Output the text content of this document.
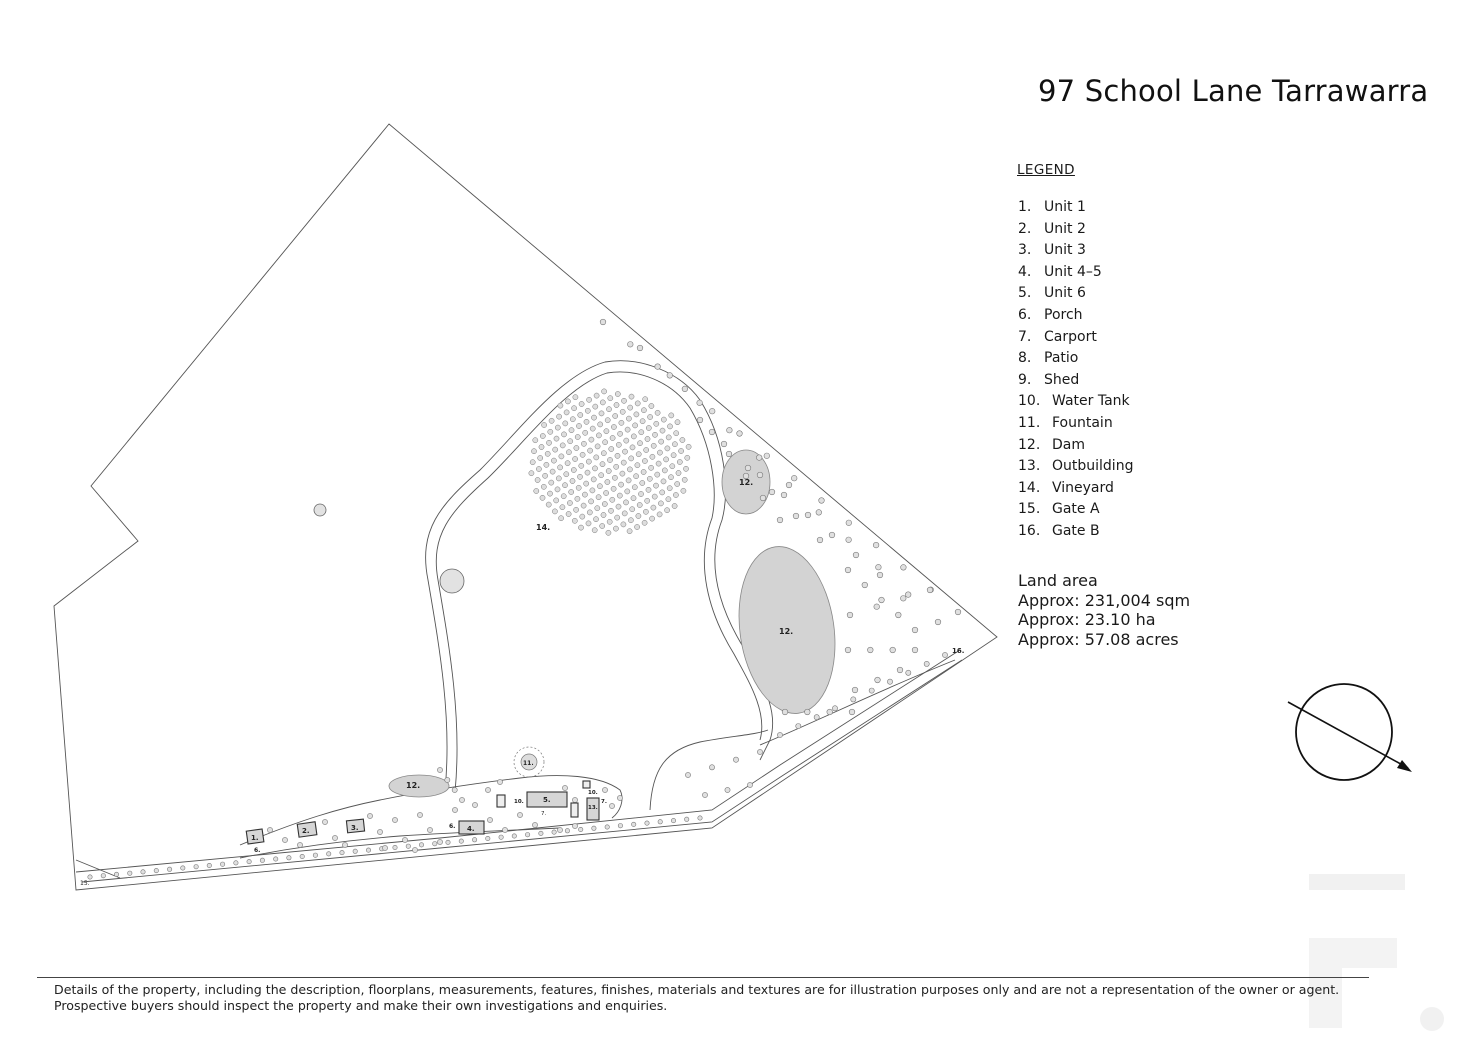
97 School Lane Tarrawarra
LEGEND
1. Unit 1
2. Unit 2
3. Unit 3
4. Unit 4–5
5. Unit 6
6. Porch
7. Carport
8. Patio
9. Shed
10. Water Tank
11. Fountain
12. Dam
13. Outbuilding
14. Vineyard
15. Gate A
16. Gate B
Land area
Approx: 231,004 sqm
Approx: 23.10 ha
Approx: 57.08 acres
12.
12.
12.
14.
11.
15.
16.
1.
2.	3.	4.
5.
6.
6.
10.
10.
13.
7.
7.
Details of the property, including the description, floorplans, measurements, features, finishes, materials and textures are for illustration purposes only and are not a representation of the owner or agent.
Prospective buyers should inspect the property and make their own investigations and enquiries.
